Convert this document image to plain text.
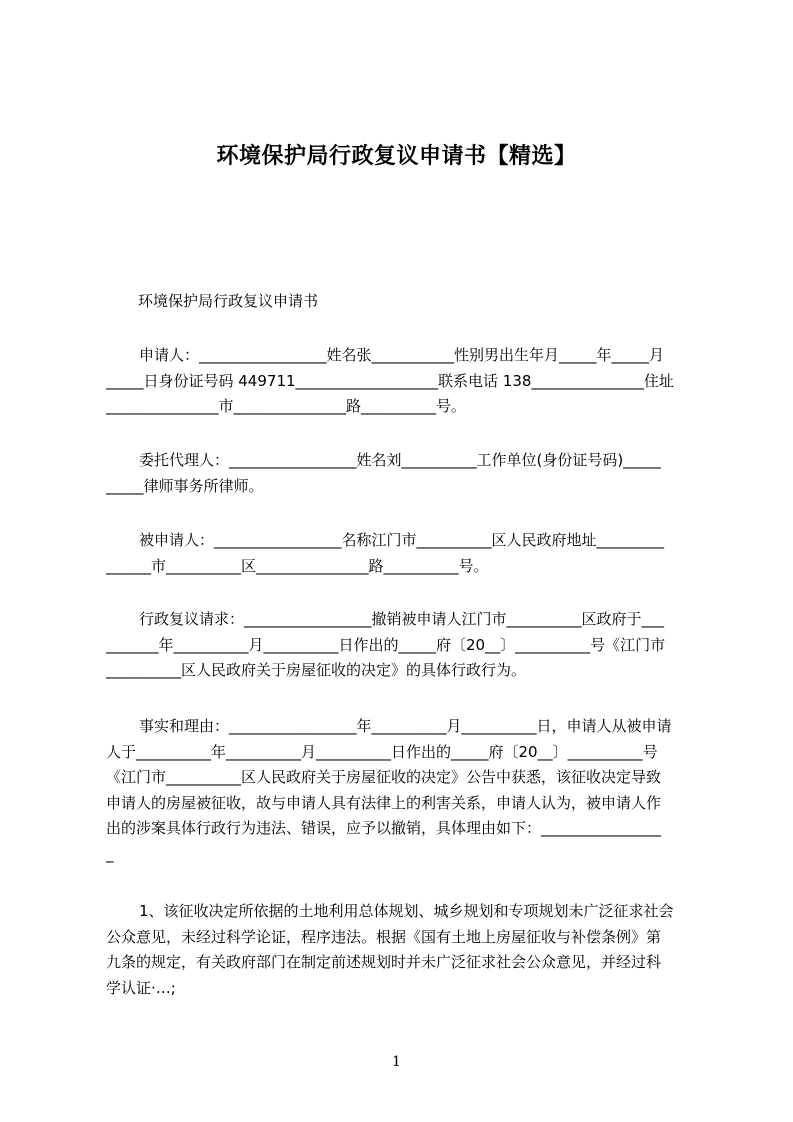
环境保护局行政复议申请书【精选】
环境保护局行政复议申请书
申请人：_________________姓名张___________性别男出生年月_____年_____月
_____日身份证号码 449711___________________联系电话 138_______________住址
_______________市_______________路__________号。
委托代理人：_________________姓名刘__________工作单位(身份证号码)_____
_____律师事务所律师。
被申请人：_________________名称江门市__________区人民政府地址_________
______市__________区_______________路__________号。
行政复议请求：_________________撤销被申请人江门市__________区政府于___
_______年__________月__________日作出的_____府〔20__〕__________号《江门市
__________区人民政府关于房屋征收的决定》的具体行政行为。
事实和理由：_________________年__________月__________日，申请人从被申请
人于__________年__________月__________日作出的_____府〔20__〕__________号
《江门市__________区人民政府关于房屋征收的决定》公告中获悉，该征收决定导致
申请人的房屋被征收，故与申请人具有法律上的利害关系，申请人认为，被申请人作
出的涉案具体行政行为违法、错误，应予以撤销，具体理由如下：________________
_
1、该征收决定所依据的土地利用总体规划、城乡规划和专项规划未广泛征求社会
公众意见，未经过科学论证，程序违法。根据《国有土地上房屋征收与补偿条例》第
九条的规定，有关政府部门在制定前述规划时并未广泛征求社会公众意见，并经过科
学认证·…;
1
